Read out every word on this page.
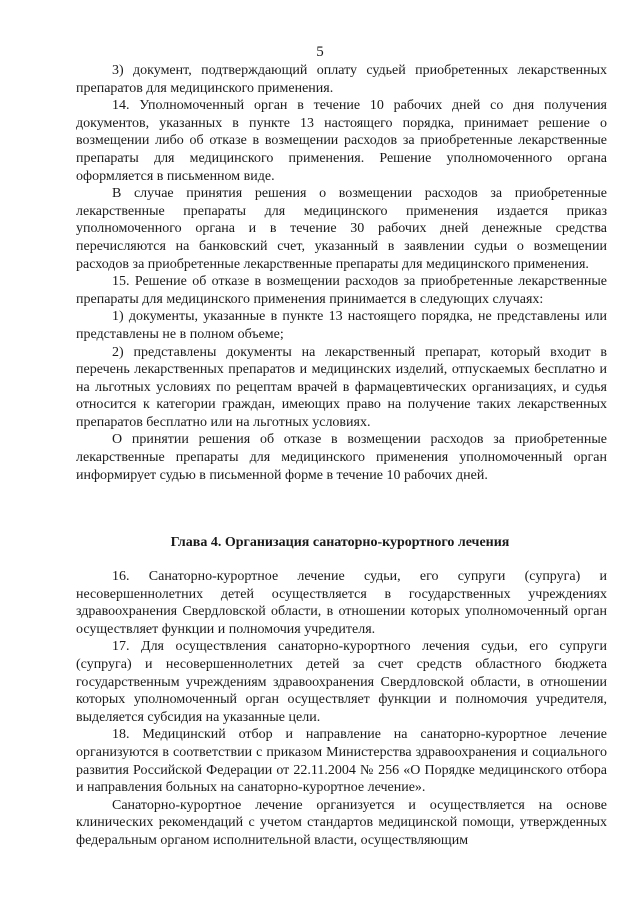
5

3) документ, подтверждающий оплату судьей приобретенных лекарственных препаратов для медицинского применения.

14. Уполномоченный орган в течение 10 рабочих дней со дня получения документов, указанных в пункте 13 настоящего порядка, принимает решение о возмещении либо об отказе в возмещении расходов за приобретенные лекарственные препараты для медицинского применения. Решение уполномоченного органа оформляется в письменном виде.

В случае принятия решения о возмещении расходов за приобретенные лекарственные препараты для медицинского применения издается приказ уполномоченного органа и в течение 30 рабочих дней денежные средства перечисляются на банковский счет, указанный в заявлении судьи о возмещении расходов за приобретенные лекарственные препараты для медицинского применения.

15. Решение об отказе в возмещении расходов за приобретенные лекарственные препараты для медицинского применения принимается в следующих случаях:

1) документы, указанные в пункте 13 настоящего порядка, не представлены или представлены не в полном объеме;

2) представлены документы на лекарственный препарат, который входит в перечень лекарственных препаратов и медицинских изделий, отпускаемых бесплатно и на льготных условиях по рецептам врачей в фармацевтических организациях, и судья относится к категории граждан, имеющих право на получение таких лекарственных препаратов бесплатно или на льготных условиях.

О принятии решения об отказе в возмещении расходов за приобретенные лекарственные препараты для медицинского применения уполномоченный орган информирует судью в письменной форме в течение 10 рабочих дней.

Глава 4. Организация санаторно-курортного лечения

16. Санаторно-курортное лечение судьи, его супруги (супруга) и несовершеннолетних детей осуществляется в государственных учреждениях здравоохранения Свердловской области, в отношении которых уполномоченный орган осуществляет функции и полномочия учредителя.

17. Для осуществления санаторно-курортного лечения судьи, его супруги (супруга) и несовершеннолетних детей за счет средств областного бюджета государственным учреждениям здравоохранения Свердловской области, в отношении которых уполномоченный орган осуществляет функции и полномочия учредителя, выделяется субсидия на указанные цели.

18. Медицинский отбор и направление на санаторно-курортное лечение организуются в соответствии с приказом Министерства здравоохранения и социального развития Российской Федерации от 22.11.2004 № 256 «О Порядке медицинского отбора и направления больных на санаторно-курортное лечение».

Санаторно-курортное лечение организуется и осуществляется на основе клинических рекомендаций с учетом стандартов медицинской помощи, утвержденных федеральным органом исполнительной власти, осуществляющим
